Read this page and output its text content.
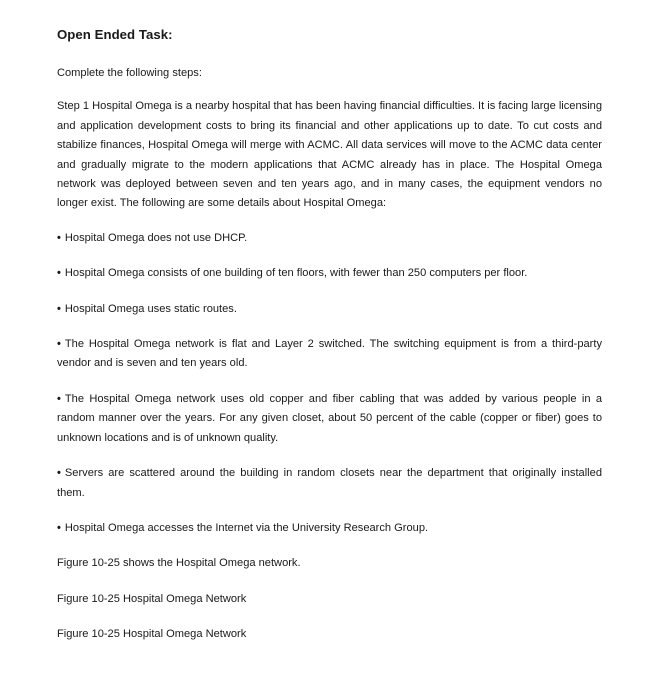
Open Ended Task:

Complete the following steps:

Step 1 Hospital Omega is a nearby hospital that has been having financial difficulties. It is facing large licensing and application development costs to bring its financial and other applications up to date. To cut costs and stabilize finances, Hospital Omega will merge with ACMC. All data services will move to the ACMC data center and gradually migrate to the modern applications that ACMC already has in place. The Hospital Omega network was deployed between seven and ten years ago, and in many cases, the equipment vendors no longer exist. The following are some details about Hospital Omega:

• Hospital Omega does not use DHCP.

• Hospital Omega consists of one building of ten floors, with fewer than 250 computers per floor.

• Hospital Omega uses static routes.

• The Hospital Omega network is flat and Layer 2 switched. The switching equipment is from a third-party vendor and is seven and ten years old.

• The Hospital Omega network uses old copper and fiber cabling that was added by various people in a random manner over the years. For any given closet, about 50 percent of the cable (copper or fiber) goes to unknown locations and is of unknown quality.

• Servers are scattered around the building in random closets near the department that originally installed them.

• Hospital Omega accesses the Internet via the University Research Group.

Figure 10-25 shows the Hospital Omega network.

Figure 10-25 Hospital Omega Network

Figure 10-25 Hospital Omega Network
